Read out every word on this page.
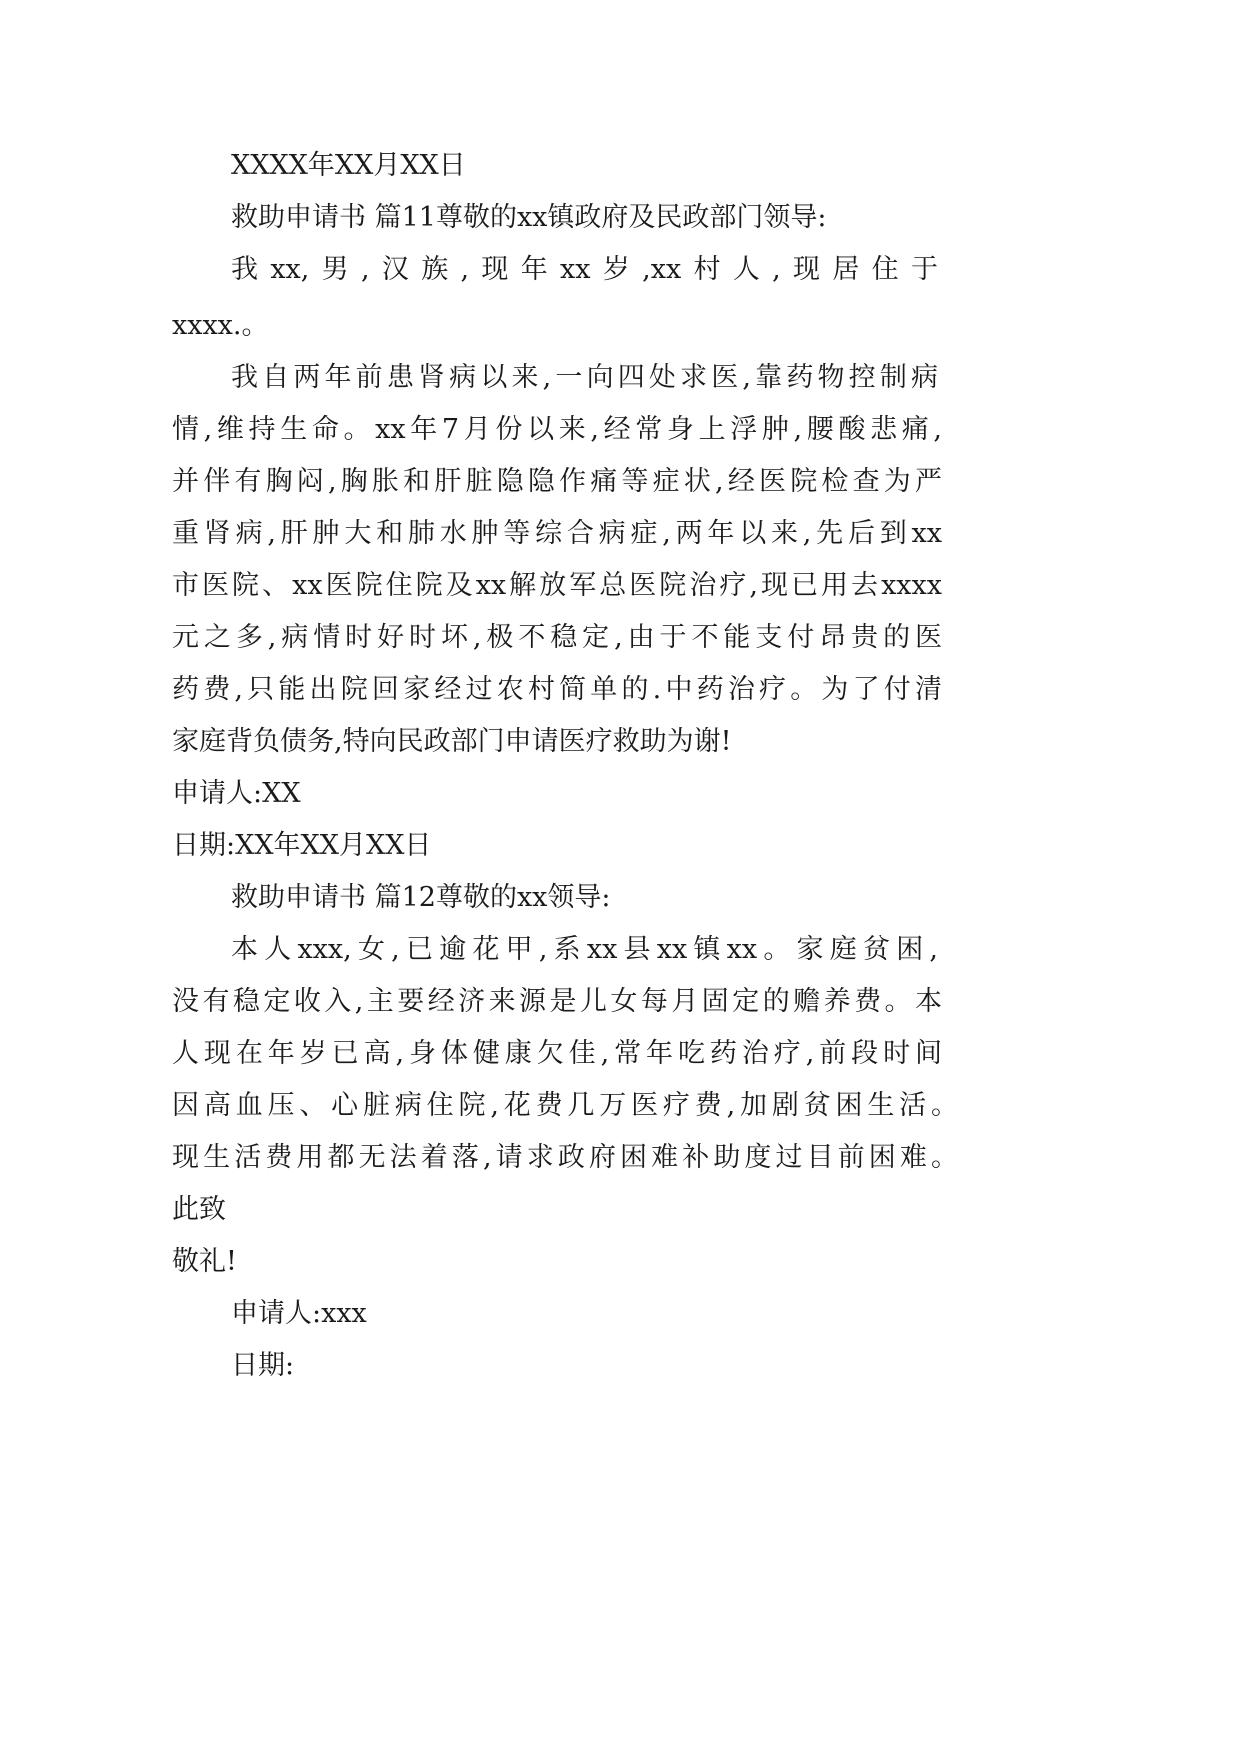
XXXX年XX月XX日
救助申请书 篇11尊敬的xx镇政府及民政部门领导:
我xx,男,汉族,现年xx岁,xx村人,现居住于
xxxx.。
我自两年前患肾病以来,一向四处求医,靠药物控制病
情,维持生命。xx年7月份以来,经常身上浮肿,腰酸悲痛,
并伴有胸闷,胸胀和肝脏隐隐作痛等症状,经医院检查为严
重肾病,肝肿大和肺水肿等综合病症,两年以来,先后到xx
市医院、xx医院住院及xx解放军总医院治疗,现已用去xxxx
元之多,病情时好时坏,极不稳定,由于不能支付昂贵的医
药费,只能出院回家经过农村简单的.中药治疗。为了付清
家庭背负债务,特向民政部门申请医疗救助为谢!
申请人:XX
日期:XX年XX月XX日
救助申请书 篇12尊敬的xx领导:
本人xxx,女,已逾花甲,系xx县xx镇xx。家庭贫困,
没有稳定收入,主要经济来源是儿女每月固定的赡养费。本
人现在年岁已高,身体健康欠佳,常年吃药治疗,前段时间
因高血压、心脏病住院,花费几万医疗费,加剧贫困生活。
现生活费用都无法着落,请求政府困难补助度过目前困难。
此致
敬礼!
申请人:xxx
日期:
